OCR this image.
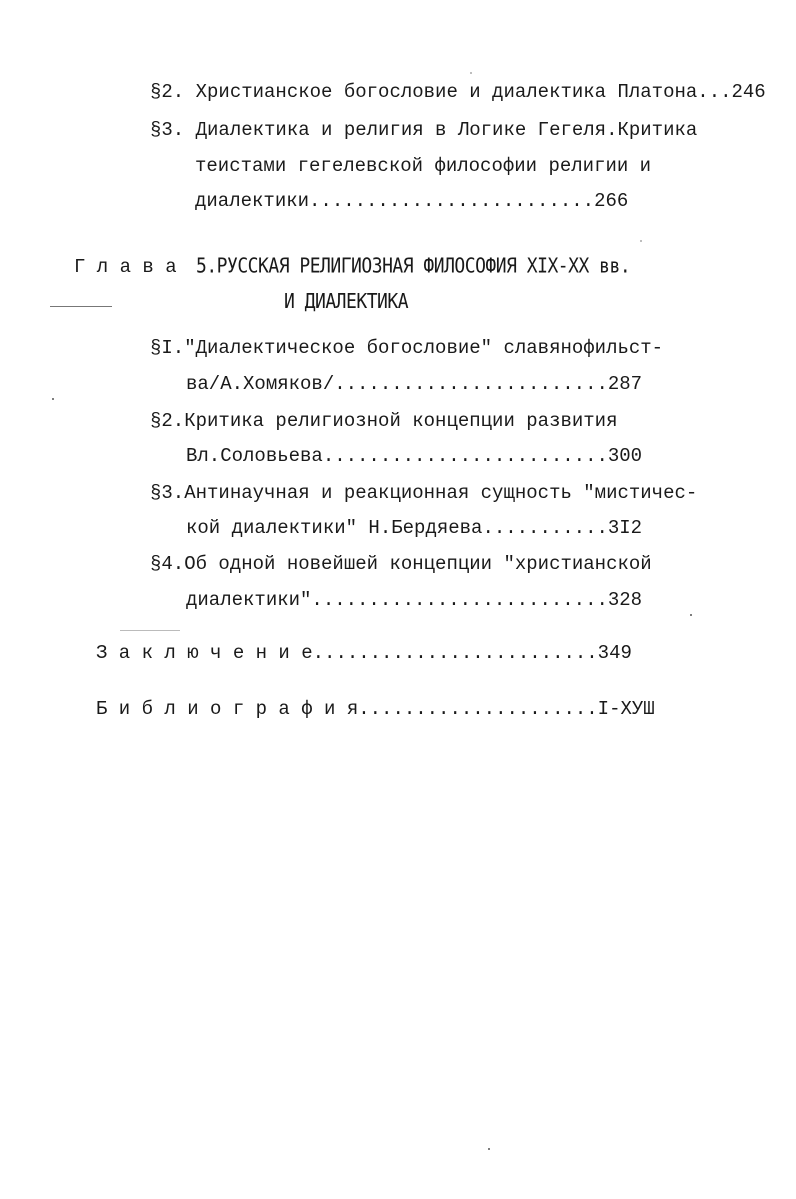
§2. Христианское богословие и диалектика Платона...246
§3. Диалектика и религия в Логике Гегеля.Критика
теистами гегелевской философии религии и
диалектики.........................266
Г л а в а 5.РУССКАЯ РЕЛИГИОЗНАЯ ФИЛОСОФИЯ XIX-XX вв.
И ДИАЛЕКТИКА
§I."Диалектическое богословие" славянофильст-
ва/А.Хомяков/........................287
§2.Критика религиозной концепции развития
Вл.Соловьева.........................300
§3.Антинаучная и реакционная сущность "мистичес-
кой диалектики" Н.Бердяева...........3I2
§4.Об одной новейшей концепции "христианской
диалектики"..........................328
З а к л ю ч е н и е.........................349
Б и б л и о г р а ф и я.....................I-ХУШ
